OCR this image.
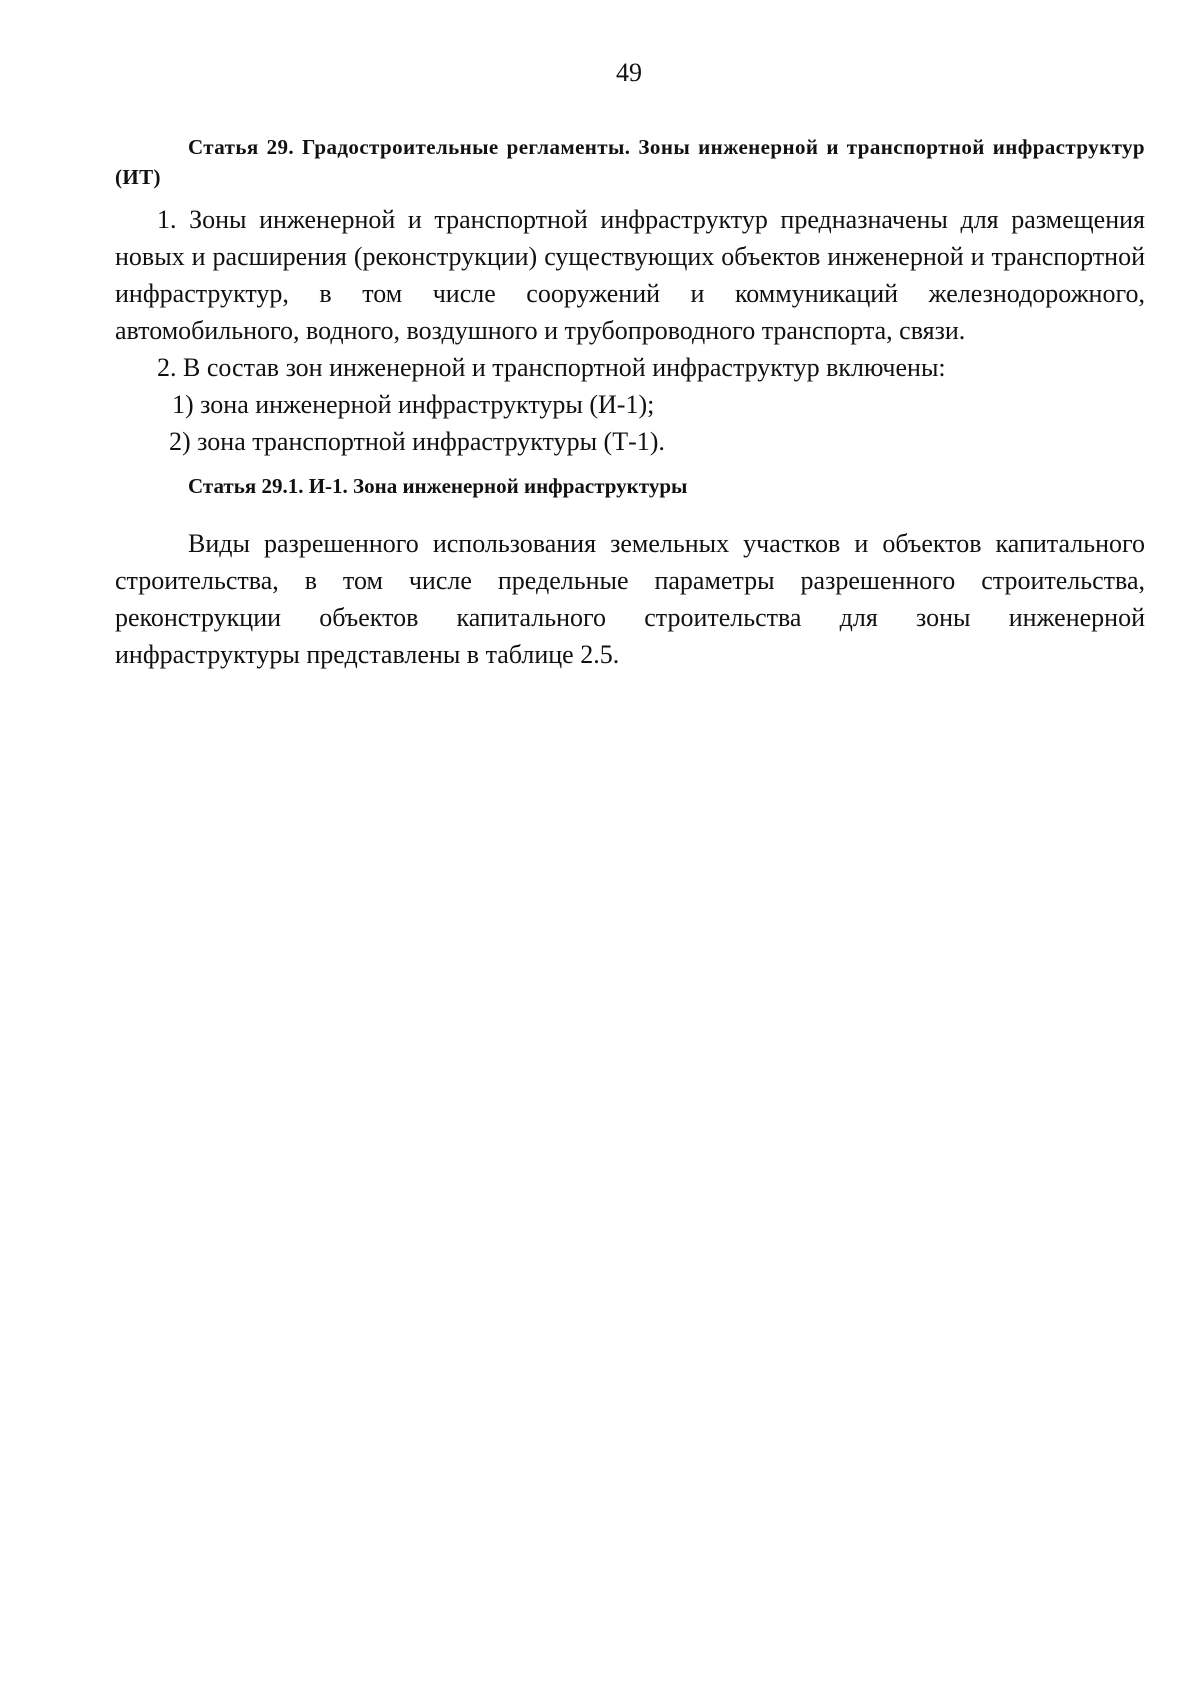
49

Статья 29. Градостроительные регламенты. Зоны инженерной и транспортной инфраструктур (ИТ)

1. Зоны инженерной и транспортной инфраструктур предназначены для размещения новых и расширения (реконструкции) существующих объектов инженерной и транспортной инфраструктур, в том числе сооружений и коммуникаций железнодорожного, автомобильного, водного, воздушного и трубопроводного транспорта, связи.

2. В состав зон инженерной и транспортной инфраструктур включены:

1) зона инженерной инфраструктуры (И-1);

2) зона транспортной инфраструктуры (Т-1).

Статья 29.1. И-1. Зона инженерной инфраструктуры

Виды разрешенного использования земельных участков и объектов капитального строительства, в том числе предельные параметры разрешенного строительства, реконструкции объектов капитального строительства для зоны инженерной инфраструктуры представлены в таблице 2.5.
